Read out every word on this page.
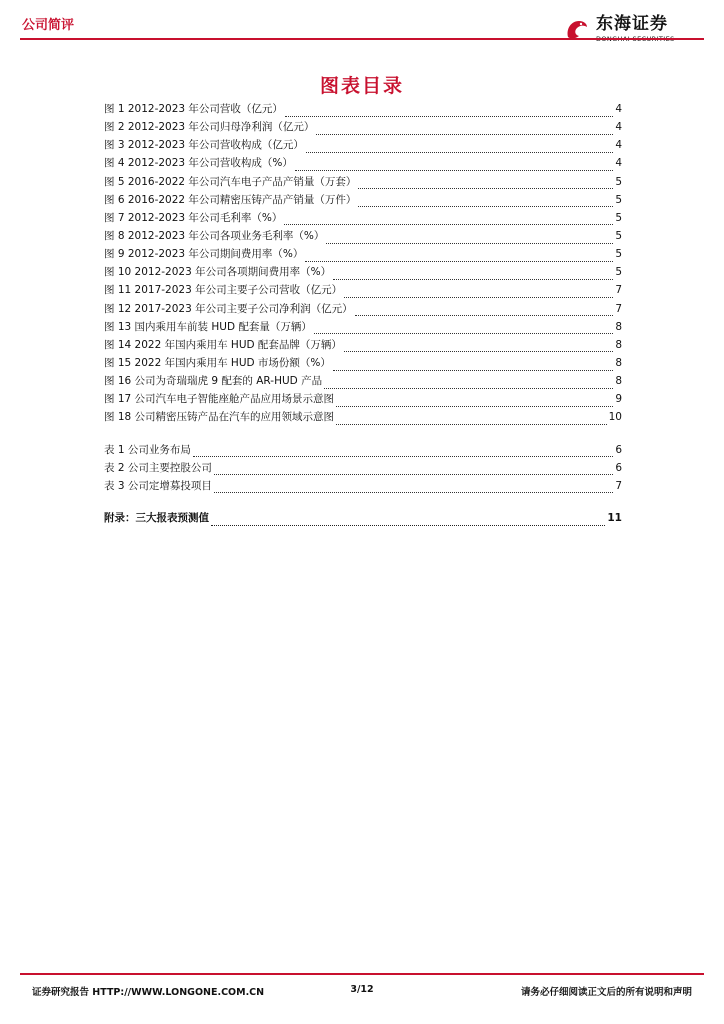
公司简评	东海证券
图表目录
图 1 2012-2023 年公司营收（亿元）	4
图 2 2012-2023 年公司归母净利润（亿元）	4
图 3 2012-2023 年公司营收构成（亿元）	4
图 4 2012-2023 年公司营收构成（%）	4
图 5 2016-2022 年公司汽车电子产品产销量（万套）	5
图 6 2016-2022 年公司精密压铸产品产销量（万件）	5
图 7 2012-2023 年公司毛利率（%）	5
图 8 2012-2023 年公司各项业务毛利率（%）	5
图 9 2012-2023 年公司期间费用率（%）	5
图 10 2012-2023 年公司各项期间费用率（%）	5
图 11 2017-2023 年公司主要子公司营收（亿元）	7
图 12 2017-2023 年公司主要子公司净利润（亿元）	7
图 13 国内乘用车前装 HUD 配套量（万辆）	8
图 14 2022 年国内乘用车 HUD 配套品牌（万辆）	8
图 15 2022 年国内乘用车 HUD 市场份额（%）	8
图 16 公司为奇瑞瑞虎 9 配套的 AR-HUD 产品	8
图 17 公司汽车电子智能座舱产品应用场景示意图	9
图 18 公司精密压铸产品在汽车的应用领域示意图	10
表 1 公司业务布局	6
表 2 公司主要控股公司	6
表 3 公司定增募投项目	7
附录：三大报表预测值	11
证券研究报告 HTTP://WWW.LONGONE.COM.CN	3/12	请务必仔细阅读正文后的所有说明和声明
